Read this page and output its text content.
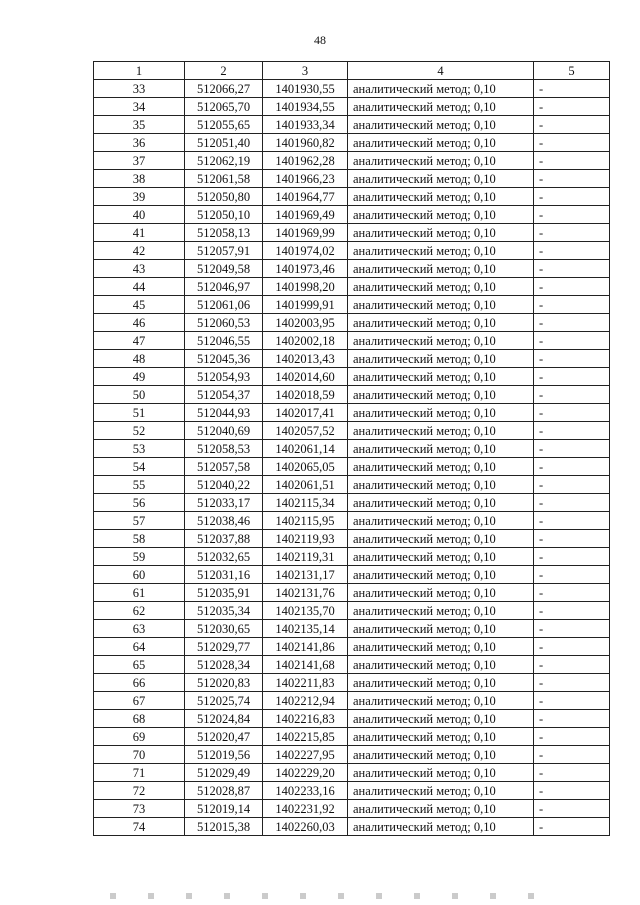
48
1	2	3	4	5
33	512066,27	1401930,55	аналитический метод; 0,10	-
34	512065,70	1401934,55	аналитический метод; 0,10	-
35	512055,65	1401933,34	аналитический метод; 0,10	-
36	512051,40	1401960,82	аналитический метод; 0,10	-
37	512062,19	1401962,28	аналитический метод; 0,10	-
38	512061,58	1401966,23	аналитический метод; 0,10	-
39	512050,80	1401964,77	аналитический метод; 0,10	-
40	512050,10	1401969,49	аналитический метод; 0,10	-
41	512058,13	1401969,99	аналитический метод; 0,10	-
42	512057,91	1401974,02	аналитический метод; 0,10	-
43	512049,58	1401973,46	аналитический метод; 0,10	-
44	512046,97	1401998,20	аналитический метод; 0,10	-
45	512061,06	1401999,91	аналитический метод; 0,10	-
46	512060,53	1402003,95	аналитический метод; 0,10	-
47	512046,55	1402002,18	аналитический метод; 0,10	-
48	512045,36	1402013,43	аналитический метод; 0,10	-
49	512054,93	1402014,60	аналитический метод; 0,10	-
50	512054,37	1402018,59	аналитический метод; 0,10	-
51	512044,93	1402017,41	аналитический метод; 0,10	-
52	512040,69	1402057,52	аналитический метод; 0,10	-
53	512058,53	1402061,14	аналитический метод; 0,10	-
54	512057,58	1402065,05	аналитический метод; 0,10	-
55	512040,22	1402061,51	аналитический метод; 0,10	-
56	512033,17	1402115,34	аналитический метод; 0,10	-
57	512038,46	1402115,95	аналитический метод; 0,10	-
58	512037,88	1402119,93	аналитический метод; 0,10	-
59	512032,65	1402119,31	аналитический метод; 0,10	-
60	512031,16	1402131,17	аналитический метод; 0,10	-
61	512035,91	1402131,76	аналитический метод; 0,10	-
62	512035,34	1402135,70	аналитический метод; 0,10	-
63	512030,65	1402135,14	аналитический метод; 0,10	-
64	512029,77	1402141,86	аналитический метод; 0,10	-
65	512028,34	1402141,68	аналитический метод; 0,10	-
66	512020,83	1402211,83	аналитический метод; 0,10	-
67	512025,74	1402212,94	аналитический метод; 0,10	-
68	512024,84	1402216,83	аналитический метод; 0,10	-
69	512020,47	1402215,85	аналитический метод; 0,10	-
70	512019,56	1402227,95	аналитический метод; 0,10	-
71	512029,49	1402229,20	аналитический метод; 0,10	-
72	512028,87	1402233,16	аналитический метод; 0,10	-
73	512019,14	1402231,92	аналитический метод; 0,10	-
74	512015,38	1402260,03	аналитический метод; 0,10	-
